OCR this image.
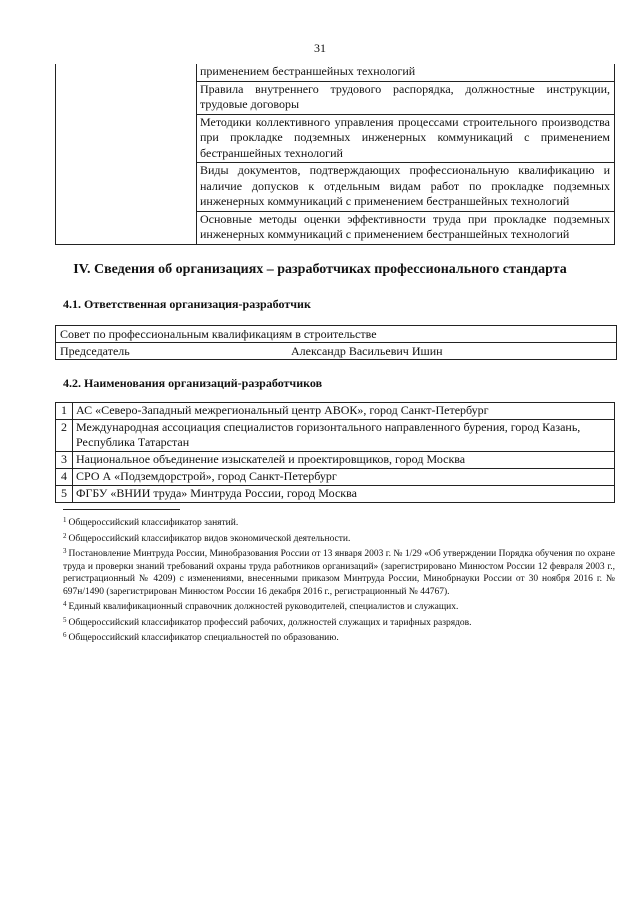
31
	применением бестраншейных технологий
Правила внутреннего трудового распорядка, должностные инструкции, трудовые договоры
Методики коллективного управления процессами строительного производства при прокладке подземных инженерных коммуникаций с применением бестраншейных технологий
Виды документов, подтверждающих профессиональную квалификацию и наличие допусков к отдельным видам работ по прокладке подземных инженерных коммуникаций с применением бестраншейных технологий
Основные методы оценки эффективности труда при прокладке подземных инженерных коммуникаций с применением бестраншейных технологий
IV. Сведения об организациях – разработчиках профессионального стандарта
4.1. Ответственная организация-разработчик
Совет по профессиональным квалификациям в строительстве
Председатель	Александр Васильевич Ишин
4.2. Наименования организаций-разработчиков
1	АС «Северо-Западный межрегиональный центр АВОК», город Санкт-Петербург
2	Международная ассоциация специалистов горизонтального направленного бурения, город Казань, Республика Татарстан
3	Национальное объединение изыскателей и проектировщиков, город Москва
4	СРО А «Подземдорстрой», город Санкт-Петербург
5	ФГБУ «ВНИИ труда» Минтруда России, город Москва
$^1$ Общероссийский классификатор занятий.
$^2$ Общероссийский классификатор видов экономической деятельности.
$^3$ Постановление Минтруда России, Минобразования России от 13 января 2003 г. № 1/29 «Об утверждении Порядка обучения по охране труда и проверки знаний требований охраны труда работников организаций» (зарегистрировано Минюстом России 12 февраля 2003 г., регистрационный № 4209) с изменениями, внесенными приказом Минтруда России, Минобрнауки России от 30 ноября 2016 г. № 697н/1490 (зарегистрирован Минюстом России 16 декабря 2016 г., регистрационный № 44767).
$^4$ Единый квалификационный справочник должностей руководителей, специалистов и служащих.
$^5$ Общероссийский классификатор профессий рабочих, должностей служащих и тарифных разрядов.
$^6$ Общероссийский классификатор специальностей по образованию.
